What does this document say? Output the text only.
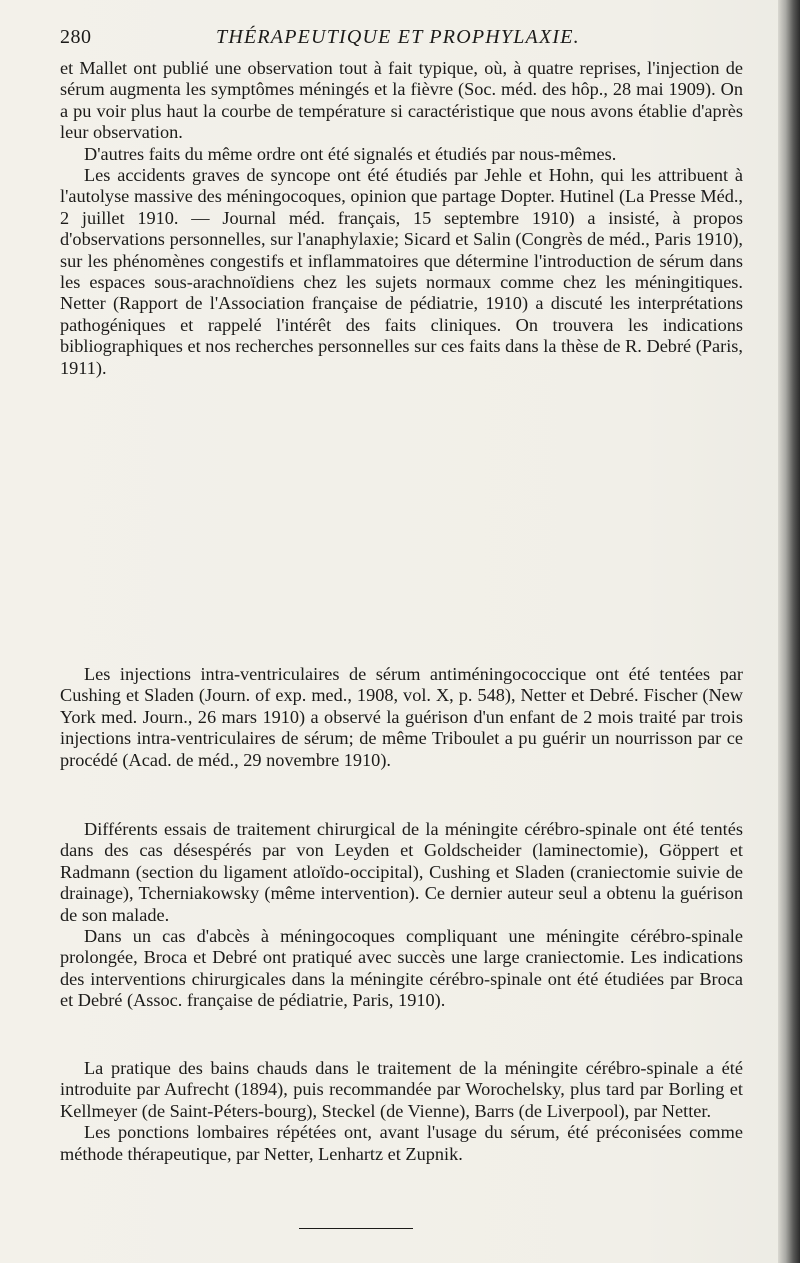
280	THÉRAPEUTIQUE ET PROPHYLAXIE.

et Mallet ont publié une observation tout à fait typique, où, à quatre reprises, l'injection de sérum augmenta les symptômes méningés et la fièvre (Soc. méd. des hôp., 28 mai 1909). On a pu voir plus haut la courbe de température si caractéristique que nous avons établie d'après leur observation.

D'autres faits du même ordre ont été signalés et étudiés par nous-mêmes.

Les accidents graves de syncope ont été étudiés par Jehle et Hohn, qui les attribuent à l'autolyse massive des méningocoques, opinion que partage Dopter. Hutinel (La Presse Méd., 2 juillet 1910. — Journal méd. français, 15 septembre 1910) a insisté, à propos d'observations personnelles, sur l'anaphylaxie; Sicard et Salin (Congrès de méd., Paris 1910), sur les phénomènes congestifs et inflammatoires que détermine l'introduction de sérum dans les espaces sous-arachnoïdiens chez les sujets normaux comme chez les méningitiques. Netter (Rapport de l'Association française de pédiatrie, 1910) a discuté les interprétations pathogéniques et rappelé l'intérêt des faits cliniques. On trouvera les indications bibliographiques et nos recherches personnelles sur ces faits dans la thèse de R. Debré (Paris, 1911).

Les injections intra-ventriculaires de sérum antiméningococcique ont été tentées par Cushing et Sladen (Journ. of exp. med., 1908, vol. X, p. 548), Netter et Debré. Fischer (New York med. Journ., 26 mars 1910) a observé la guérison d'un enfant de 2 mois traité par trois injections intra-ventriculaires de sérum; de même Triboulet a pu guérir un nourrisson par ce procédé (Acad. de méd., 29 novembre 1910).

Différents essais de traitement chirurgical de la méningite cérébro-spinale ont été tentés dans des cas désespérés par von Leyden et Goldscheider (laminectomie), Göppert et Radmann (section du ligament atloïdo-occipital), Cushing et Sladen (craniectomie suivie de drainage), Tcherniakowsky (même intervention). Ce dernier auteur seul a obtenu la guérison de son malade.

Dans un cas d'abcès à méningocoques compliquant une méningite cérébro-spinale prolongée, Broca et Debré ont pratiqué avec succès une large craniectomie. Les indications des interventions chirurgicales dans la méningite cérébro-spinale ont été étudiées par Broca et Debré (Assoc. française de pédiatrie, Paris, 1910).

La pratique des bains chauds dans le traitement de la méningite cérébro-spinale a été introduite par Aufrecht (1894), puis recommandée par Worochelsky, plus tard par Borling et Kellmeyer (de Saint-Péters-bourg), Steckel (de Vienne), Barrs (de Liverpool), par Netter.

Les ponctions lombaires répétées ont, avant l'usage du sérum, été préconisées comme méthode thérapeutique, par Netter, Lenhartz et Zupnik.
